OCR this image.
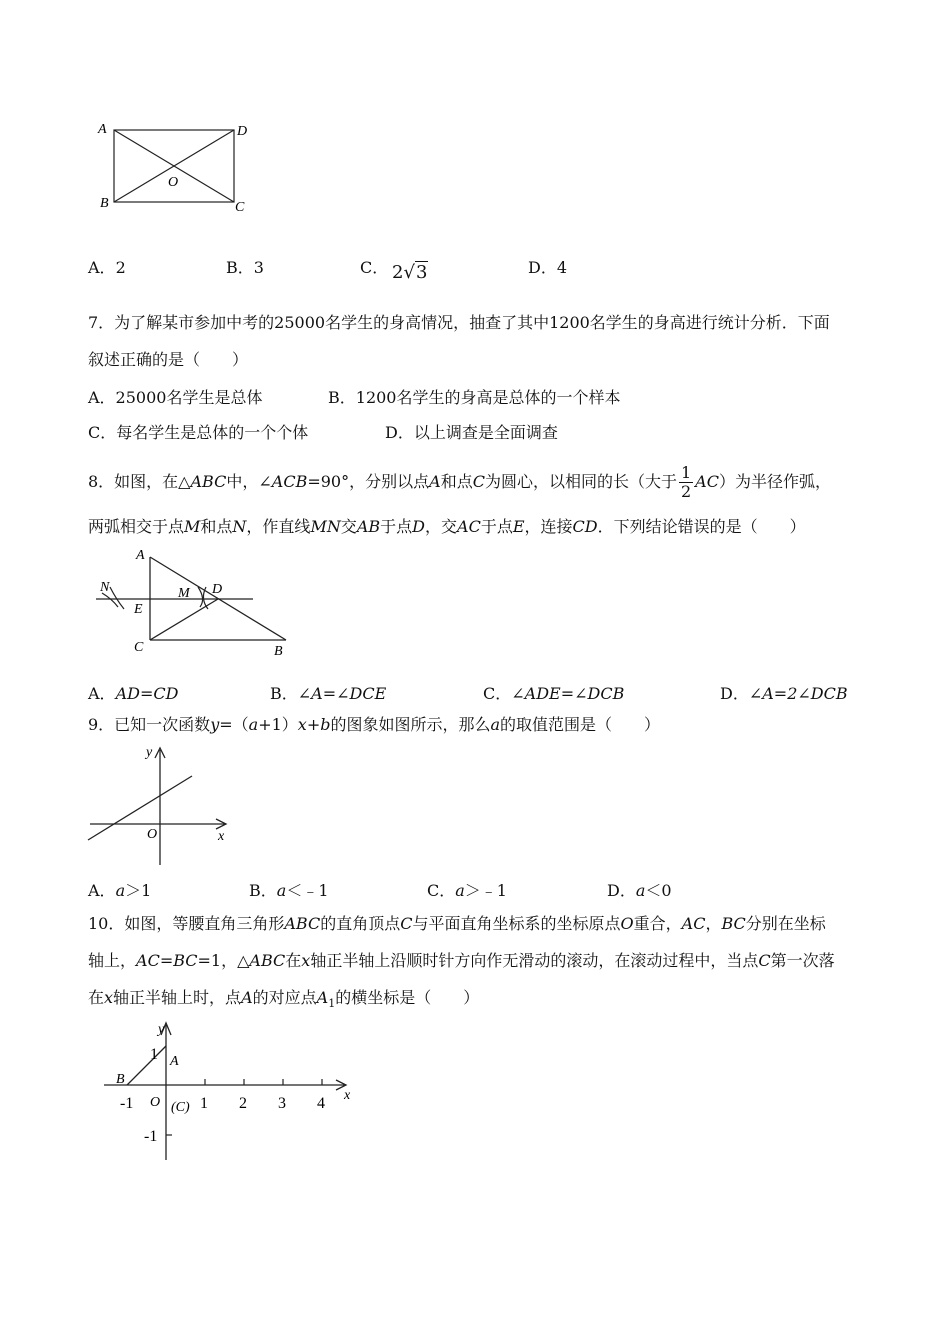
A	D
B	C
O
A．2	B．3	C． 2√3	D．4
7．为了解某市参加中考的25000名学生的身高情况，抽查了其中1200名学生的身高进行统计分析．下面
叙述正确的是（　　）
A．25000名学生是总体	B．1200名学生的身高是总体的一个样本
C．每名学生是总体的一个个体	D．以上调查是全面调查
8．如图，在△ABC中，∠ACB=90°，分别以点A和点C为圆心，以相同的长（大于 $\frac{1}{2} AC$）为半径作弧，
两弧相交于点M和点N，作直线MN交AB于点D，交AC于点E，连接CD．下列结论错误的是（　　）
A
N
E
M D
C	B
A．AD=CD	B．∠A=∠DCE	C．∠ADE=∠DCB	D．∠A=2∠DCB
9．已知一次函数y=（a+1）x+b的图象如图所示，那么a的取值范围是（　　）
y
x
O
A．a＞1	B．a＜﹣1	C．a＞﹣1	D．a＜0
10．如图，等腰直角三角形ABC的直角顶点C与平面直角坐标系的坐标原点O重合，AC，BC分别在坐标
轴上，AC=BC=1，△ABC在x轴正半轴上沿顺时针方向作无滑动的滚动，在滚动过程中，当点C第一次落
在x轴正半轴上时，点A的对应点$A_1$的横坐标是（　　）
y
x
1 A
B
-1 O (C) 1 2 3 4
-1
